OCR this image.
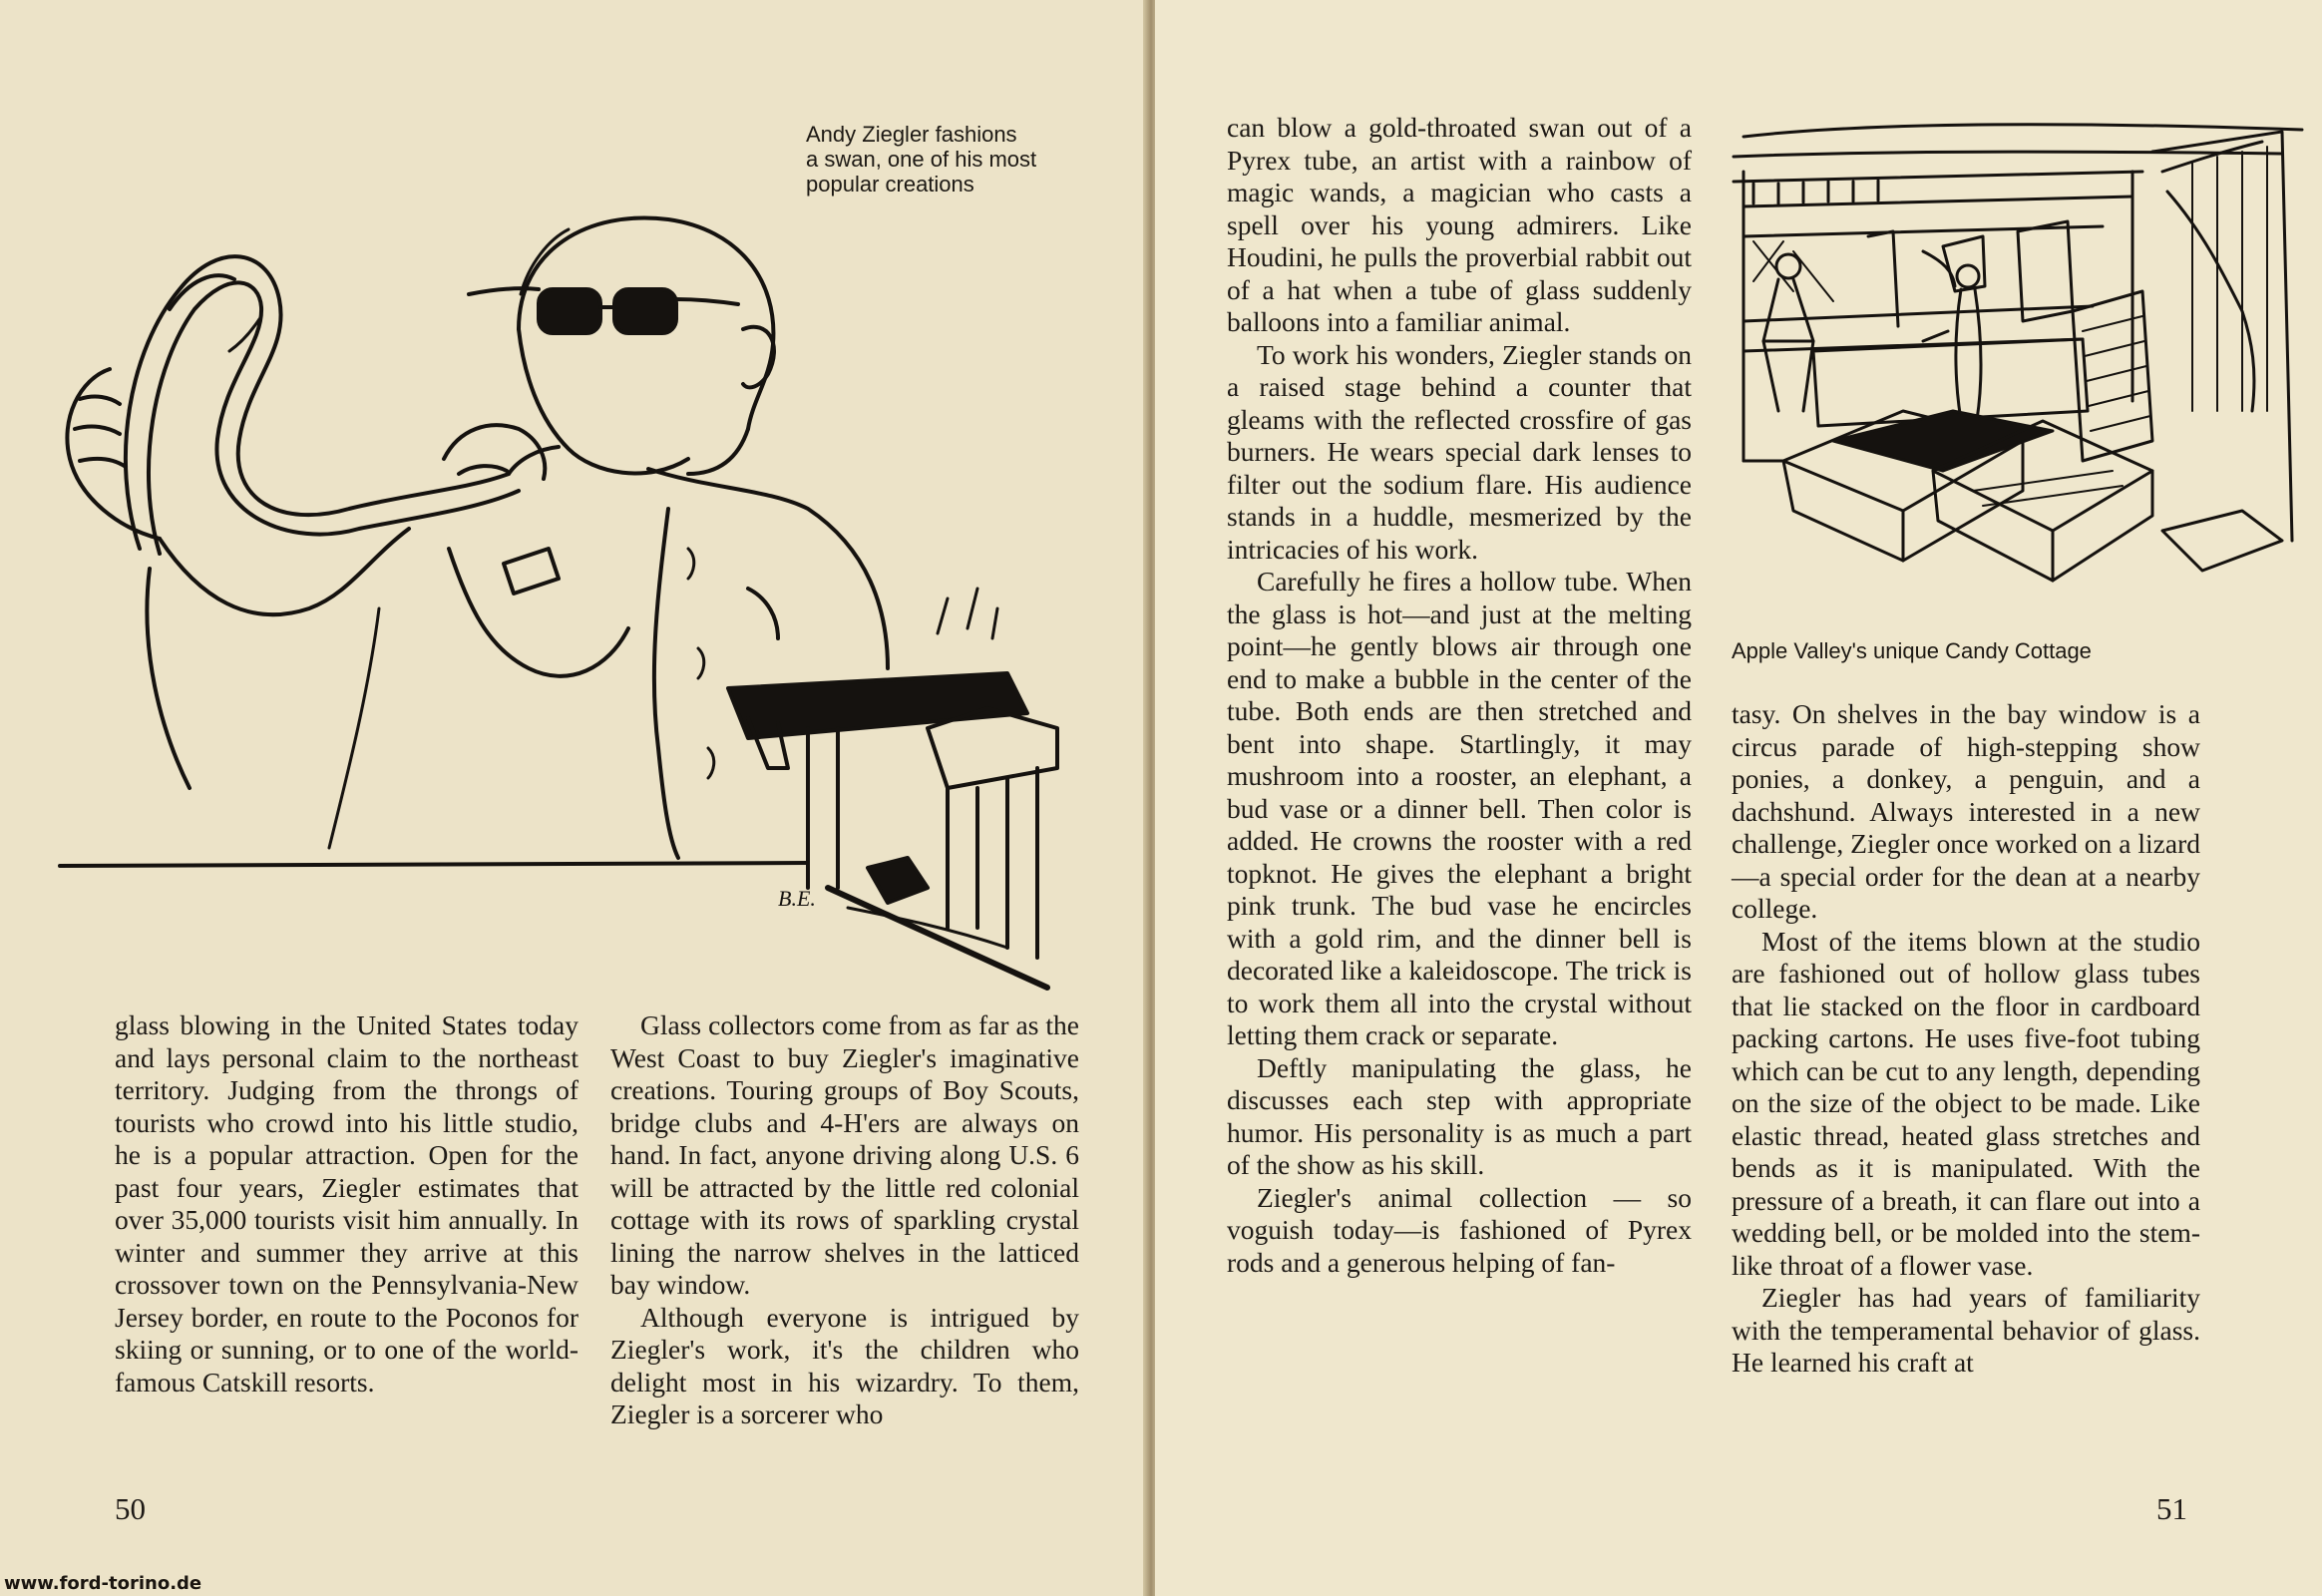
Andy Ziegler fashions
a swan, one of his most
popular creations
B.E.

glass blowing in the United States today and lays personal claim to the northeast territory. Judging from the throngs of tourists who crowd into his little studio, he is a popular attraction. Open for the past four years, Ziegler estimates that over 35,000 tourists visit him annually. In winter and summer they arrive at this crossover town on the Pennsylvania-New Jersey border, en route to the Poconos for skiing or sunning, or to one of the world-famous Catskill resorts.

Glass collectors come from as far as the West Coast to buy Ziegler's imaginative creations. Touring groups of Boy Scouts, bridge clubs and 4-H'ers are always on hand. In fact, anyone driving along U.S. 6 will be attracted by the little red colonial cottage with its rows of sparkling crystal lining the narrow shelves in the latticed bay window.

Although everyone is intrigued by Ziegler's work, it's the children who delight most in his wizardry. To them, Ziegler is a sorcerer who

50
www.ford-torino.de

can blow a gold-throated swan out of a Pyrex tube, an artist with a rainbow of magic wands, a magician who casts a spell over his young admirers. Like Houdini, he pulls the proverbial rabbit out of a hat when a tube of glass suddenly balloons into a familiar animal.

To work his wonders, Ziegler stands on a raised stage behind a counter that gleams with the reflected crossfire of gas burners. He wears special dark lenses to filter out the sodium flare. His audience stands in a huddle, mesmerized by the intricacies of his work.

Carefully he fires a hollow tube. When the glass is hot—and just at the melting point—he gently blows air through one end to make a bubble in the center of the tube. Both ends are then stretched and bent into shape. Startlingly, it may mushroom into a rooster, an elephant, a bud vase or a dinner bell. Then color is added. He crowns the rooster with a red topknot. He gives the elephant a bright pink trunk. The bud vase he encircles with a gold rim, and the dinner bell is decorated like a kaleidoscope. The trick is to work them all into the crystal without letting them crack or separate.

Deftly manipulating the glass, he discusses each step with appropriate humor. His personality is as much a part of the show as his skill.

Ziegler's animal collection — so voguish today—is fashioned of Pyrex rods and a generous helping of fan-

Apple Valley's unique Candy Cottage

tasy. On shelves in the bay window is a circus parade of high-stepping show ponies, a donkey, a penguin, and a dachshund. Always interested in a new challenge, Ziegler once worked on a lizard—a special order for the dean at a nearby college.

Most of the items blown at the studio are fashioned out of hollow glass tubes that lie stacked on the floor in cardboard packing cartons. He uses five-foot tubing which can be cut to any length, depending on the size of the object to be made. Like elastic thread, heated glass stretches and bends as it is manipulated. With the pressure of a breath, it can flare out into a wedding bell, or be molded into the stem-like throat of a flower vase.

Ziegler has had years of familiarity with the temperamental behavior of glass. He learned his craft at

51
